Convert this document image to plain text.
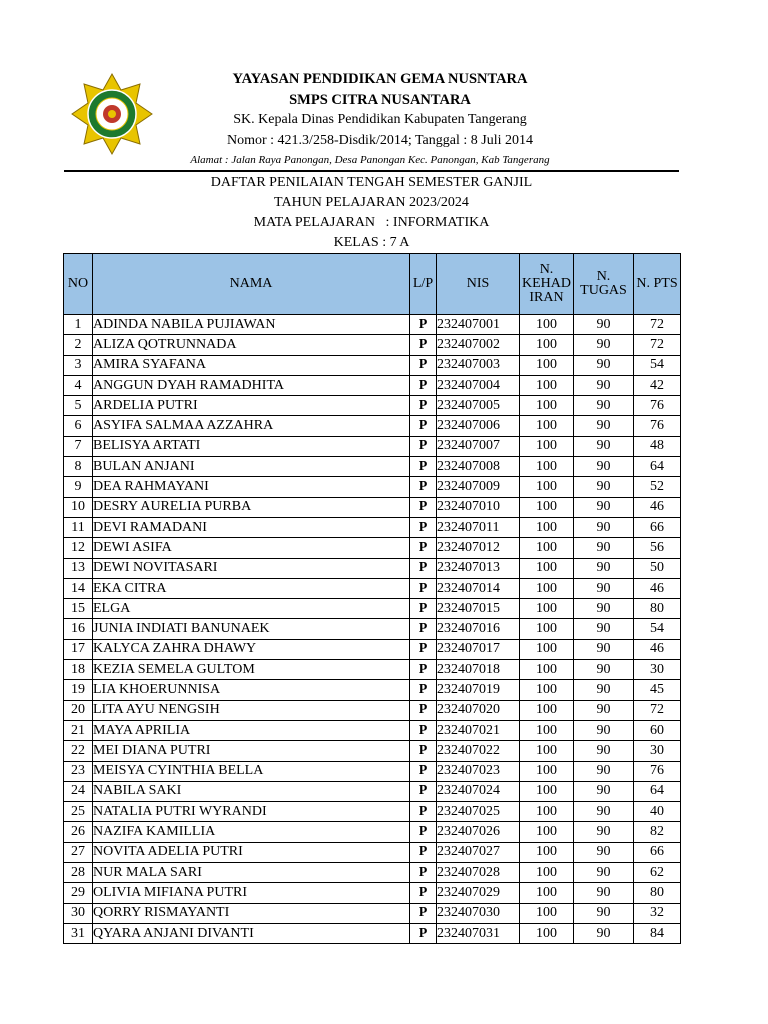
YAYASAN PENDIDIKAN GEMA NUSNTARA
SMPS CITRA NUSANTARA
SK. Kepala Dinas Pendidikan Kabupaten Tangerang
Nomor : 421.3/258-Disdik/2014; Tanggal : 8 Juli 2014
Alamat : Jalan Raya Panongan, Desa Panongan Kec. Panongan, Kab Tangerang
DAFTAR PENILAIAN TENGAH SEMESTER GANJIL
TAHUN PELAJARAN 2023/2024
MATA PELAJARAN   : INFORMATIKA
KELAS : 7 A
NO	NAMA	L/P	NIS	N. KEHAD IRAN	N. TUGAS	N. PTS
1	ADINDA NABILA PUJIAWAN	P	232407001	100	90	72
2	ALIZA QOTRUNNADA	P	232407002	100	90	72
3	AMIRA SYAFANA	P	232407003	100	90	54
4	ANGGUN DYAH RAMADHITA	P	232407004	100	90	42
5	ARDELIA PUTRI	P	232407005	100	90	76
6	ASYIFA SALMAA AZZAHRA	P	232407006	100	90	76
7	BELISYA ARTATI	P	232407007	100	90	48
8	BULAN ANJANI	P	232407008	100	90	64
9	DEA RAHMAYANI	P	232407009	100	90	52
10	DESRY AURELIA PURBA	P	232407010	100	90	46
11	DEVI RAMADANI	P	232407011	100	90	66
12	DEWI ASIFA	P	232407012	100	90	56
13	DEWI NOVITASARI	P	232407013	100	90	50
14	EKA CITRA	P	232407014	100	90	46
15	ELGA	P	232407015	100	90	80
16	JUNIA INDIATI BANUNAEK	P	232407016	100	90	54
17	KALYCA ZAHRA DHAWY	P	232407017	100	90	46
18	KEZIA SEMELA GULTOM	P	232407018	100	90	30
19	LIA KHOERUNNISA	P	232407019	100	90	45
20	LITA AYU NENGSIH	P	232407020	100	90	72
21	MAYA APRILIA	P	232407021	100	90	60
22	MEI DIANA PUTRI	P	232407022	100	90	30
23	MEISYA CYINTHIA BELLA	P	232407023	100	90	76
24	NABILA SAKI	P	232407024	100	90	64
25	NATALIA PUTRI WYRANDI	P	232407025	100	90	40
26	NAZIFA KAMILLIA	P	232407026	100	90	82
27	NOVITA ADELIA PUTRI	P	232407027	100	90	66
28	NUR MALA SARI	P	232407028	100	90	62
29	OLIVIA MIFIANA PUTRI	P	232407029	100	90	80
30	QORRY RISMAYANTI	P	232407030	100	90	32
31	QYARA ANJANI DIVANTI	P	232407031	100	90	84
